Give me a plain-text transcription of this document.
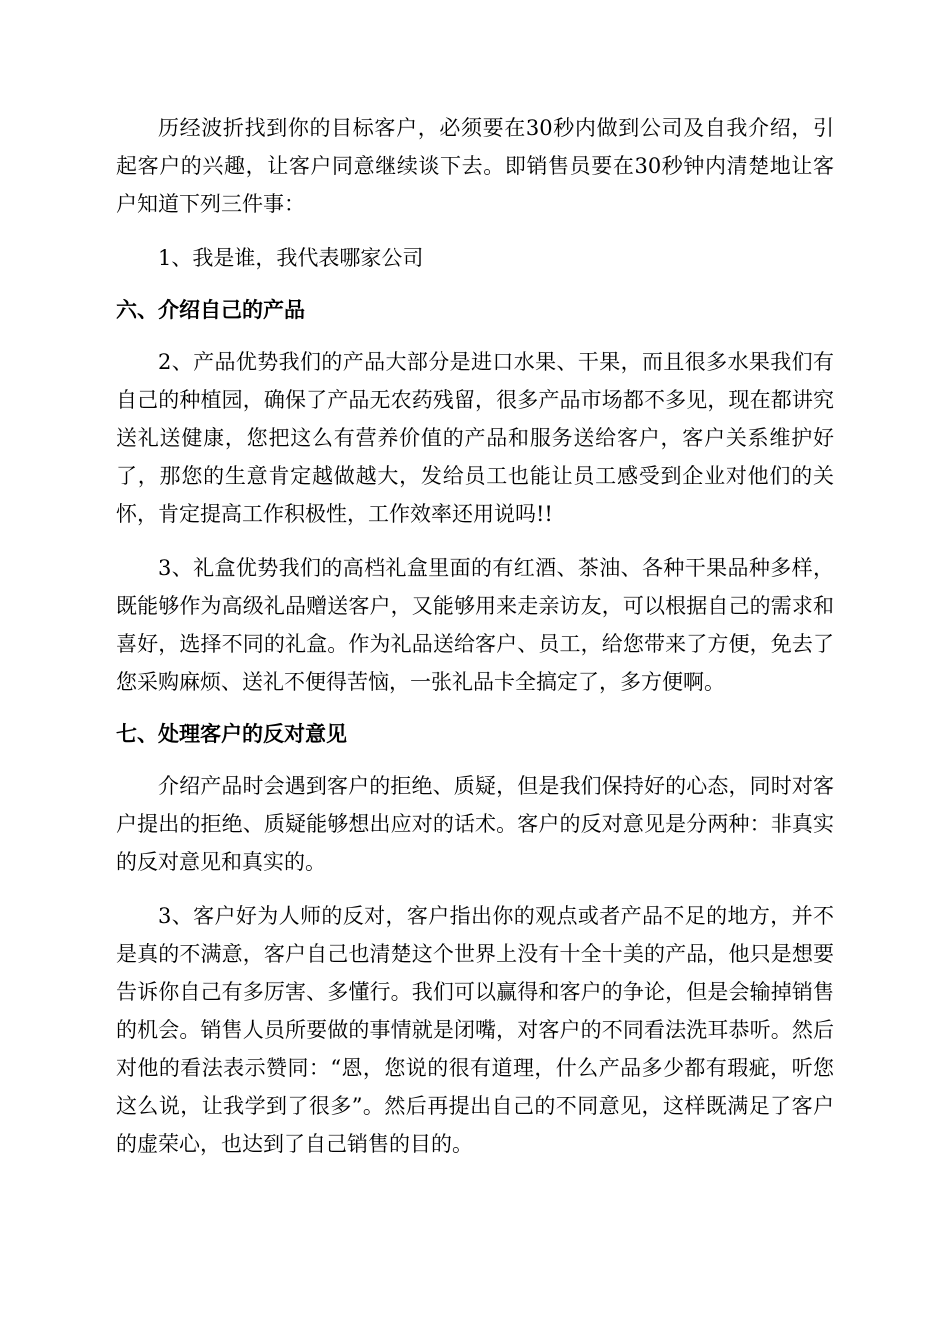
历经波折找到你的目标客户，必须要在30秒内做到公司及自我介绍，引起客户的兴趣，让客户同意继续谈下去。即销售员要在30秒钟内清楚地让客户知道下列三件事：

1、我是谁，我代表哪家公司

六、介绍自己的产品

2、产品优势我们的产品大部分是进口水果、干果，而且很多水果我们有自己的种植园，确保了产品无农药残留，很多产品市场都不多见，现在都讲究送礼送健康，您把这么有营养价值的产品和服务送给客户，客户关系维护好了，那您的生意肯定越做越大，发给员工也能让员工感受到企业对他们的关怀，肯定提高工作积极性，工作效率还用说吗!!

3、礼盒优势我们的高档礼盒里面的有红酒、茶油、各种干果品种多样，既能够作为高级礼品赠送客户，又能够用来走亲访友，可以根据自己的需求和喜好，选择不同的礼盒。作为礼品送给客户、员工，给您带来了方便，免去了您采购麻烦、送礼不便得苦恼，一张礼品卡全搞定了，多方便啊。

七、处理客户的反对意见

介绍产品时会遇到客户的拒绝、质疑，但是我们保持好的心态，同时对客户提出的拒绝、质疑能够想出应对的话术。客户的反对意见是分两种：非真实的反对意见和真实的。

3、客户好为人师的反对，客户指出你的观点或者产品不足的地方，并不是真的不满意，客户自己也清楚这个世界上没有十全十美的产品，他只是想要告诉你自己有多厉害、多懂行。我们可以赢得和客户的争论，但是会输掉销售的机会。销售人员所要做的事情就是闭嘴，对客户的不同看法洗耳恭听。然后对他的看法表示赞同：“恩，您说的很有道理，什么产品多少都有瑕疵，听您这么说，让我学到了很多”。然后再提出自己的不同意见，这样既满足了客户的虚荣心，也达到了自己销售的目的。
